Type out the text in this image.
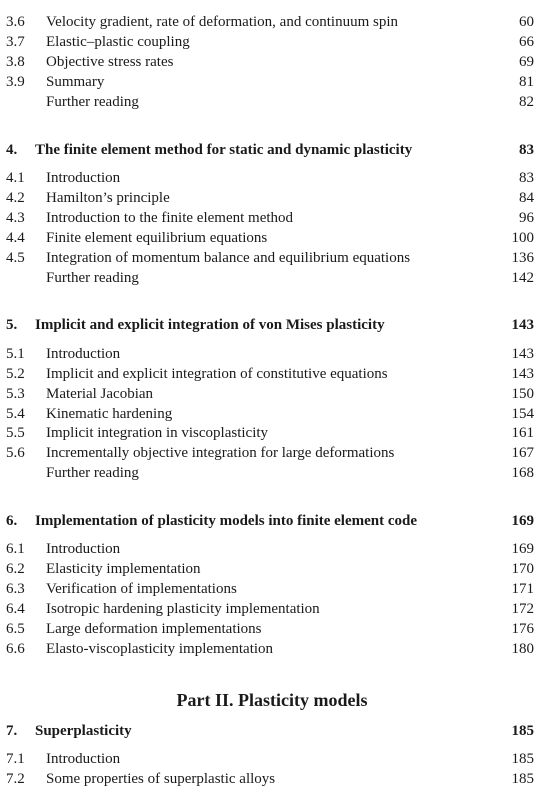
3.6 Velocity gradient, rate of deformation, and continuum spin	60
3.7 Elastic–plastic coupling	66
3.8 Objective stress rates	69
3.9 Summary	81
Further reading	82
4. The finite element method for static and dynamic plasticity	83
4.1 Introduction	83
4.2 Hamilton’s principle	84
4.3 Introduction to the finite element method	96
4.4 Finite element equilibrium equations	100
4.5 Integration of momentum balance and equilibrium equations	136
Further reading	142
5. Implicit and explicit integration of von Mises plasticity	143
5.1 Introduction	143
5.2 Implicit and explicit integration of constitutive equations	143
5.3 Material Jacobian	150
5.4 Kinematic hardening	154
5.5 Implicit integration in viscoplasticity	161
5.6 Incrementally objective integration for large deformations	167
Further reading	168
6. Implementation of plasticity models into finite element code	169
6.1 Introduction	169
6.2 Elasticity implementation	170
6.3 Verification of implementations	171
6.4 Isotropic hardening plasticity implementation	172
6.5 Large deformation implementations	176
6.6 Elasto-viscoplasticity implementation	180
Part II. Plasticity models
7. Superplasticity	185
7.1 Introduction	185
7.2 Some properties of superplastic alloys	185
